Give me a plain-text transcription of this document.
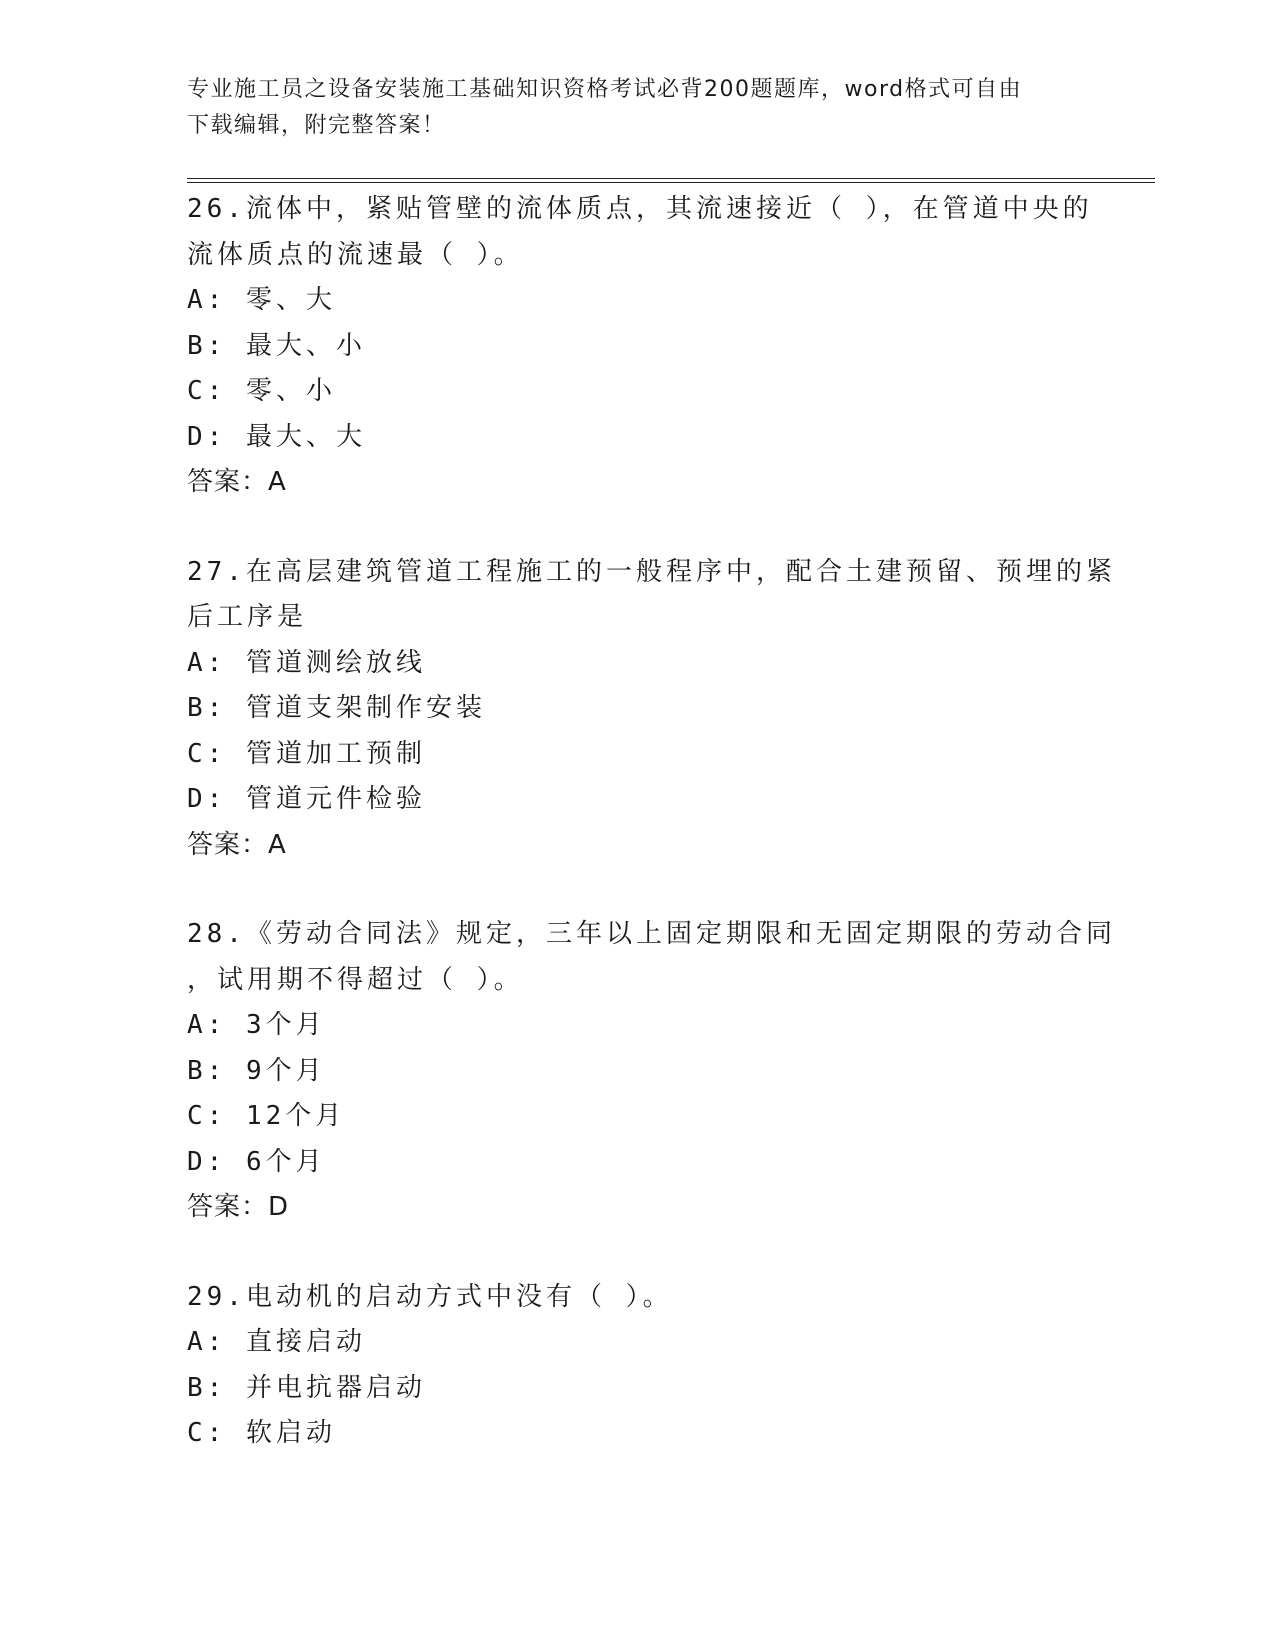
专业施工员之设备安装施工基础知识资格考试必背200题题库，word格式可自由
下载编辑，附完整答案！
26.流体中，紧贴管壁的流体质点，其流速接近（ ），在管道中央的
流体质点的流速最（ ）。
A: 零、大
B: 最大、小
C: 零、小
D: 最大、大
答案：A
27.在高层建筑管道工程施工的一般程序中，配合土建预留、预埋的紧
后工序是
A: 管道测绘放线
B: 管道支架制作安装
C: 管道加工预制
D: 管道元件检验
答案：A
28.《劳动合同法》规定，三年以上固定期限和无固定期限的劳动合同
，试用期不得超过（ ）。
A: 3个月
B: 9个月
C: 12个月
D: 6个月
答案：D
29.电动机的启动方式中没有（ ）。
A: 直接启动
B: 并电抗器启动
C: 软启动
